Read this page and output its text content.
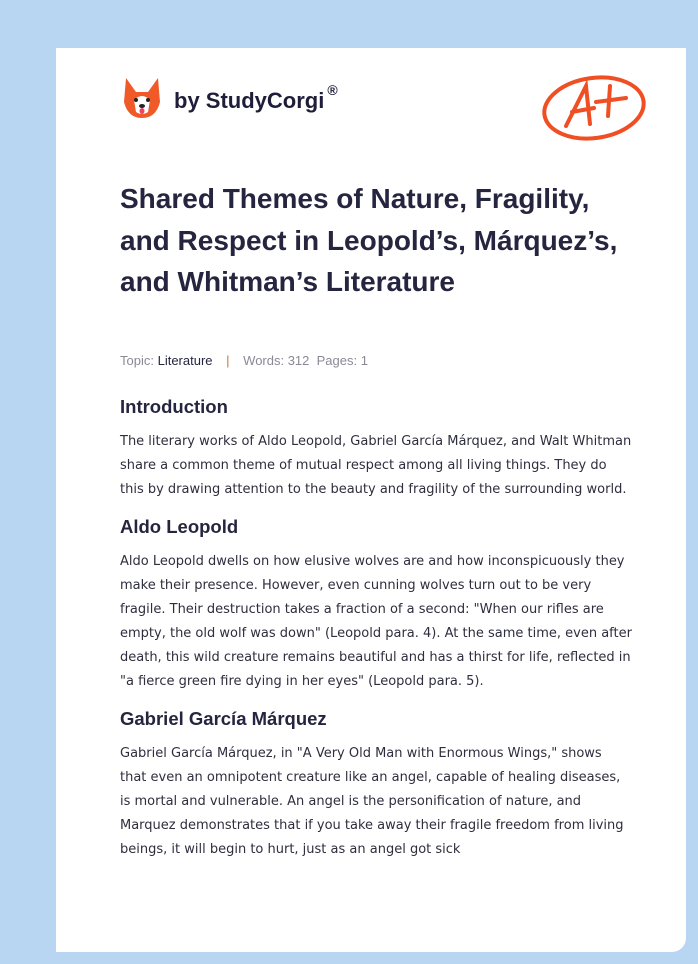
by StudyCorgi ®
Shared Themes of Nature, Fragility, and Respect in Leopold’s, Márquez’s, and Whitman’s Literature
Topic: Literature | Words: 312 Pages: 1
Introduction

The literary works of Aldo Leopold, Gabriel García Márquez, and Walt Whitman share a common theme of mutual respect among all living things. They do this by drawing attention to the beauty and fragility of the surrounding world.

Aldo Leopold

Aldo Leopold dwells on how elusive wolves are and how inconspicuously they make their presence. However, even cunning wolves turn out to be very fragile. Their destruction takes a fraction of a second: "When our rifles are empty, the old wolf was down" (Leopold para. 4). At the same time, even after death, this wild creature remains beautiful and has a thirst for life, reflected in "a fierce green fire dying in her eyes" (Leopold para. 5).

Gabriel García Márquez

Gabriel García Márquez, in "A Very Old Man with Enormous Wings," shows that even an omnipotent creature like an angel, capable of healing diseases, is mortal and vulnerable. An angel is the personification of nature, and Marquez demonstrates that if you take away their fragile freedom from living beings, it will begin to hurt, just as an angel got sick
